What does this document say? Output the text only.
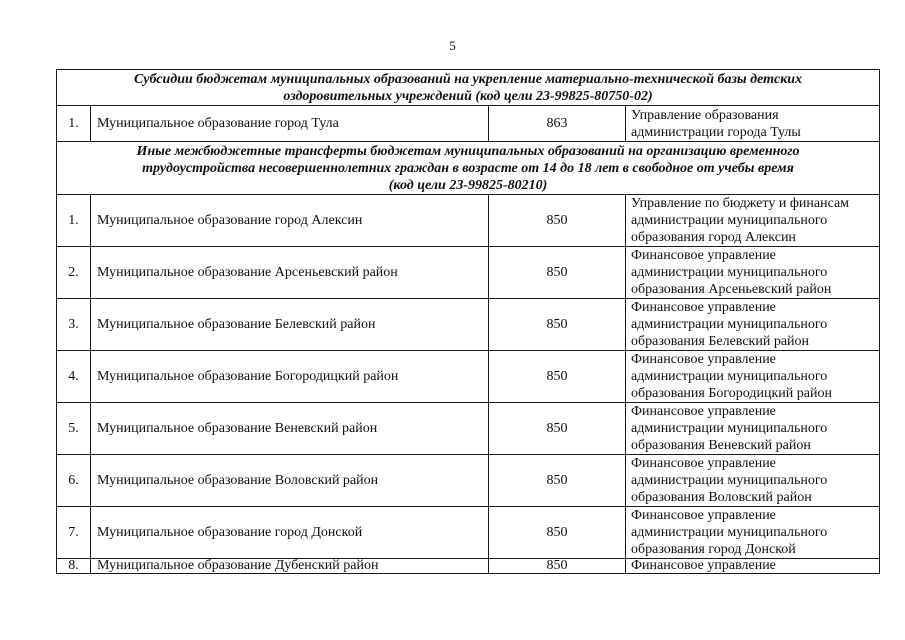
5
Субсидии бюджетам муниципальных образований на укрепление материально-технической базы детских
оздоровительных учреждений (код цели 23-99825-80750-02)			

1.	Муниципальное образование город Тула	863	Управление образования
администрации города Тулы

Иные межбюджетные трансферты бюджетам муниципальных образований на организацию временного
трудоустройства несовершеннолетних граждан в возрасте от 14 до 18 лет в свободное от учебы время
(код цели 23-99825-80210)			

1.	Муниципальное образование город Алексин	850	Управление по бюджету и финансам
администрации муниципального
образования город Алексин

2.	Муниципальное образование Арсеньевский район	850	Финансовое управление
администрации муниципального
образования Арсеньевский район

3.	Муниципальное образование Белевский район	850	Финансовое управление
администрации муниципального
образования Белевский район

4.	Муниципальное образование Богородицкий район	850	Финансовое управление
администрации муниципального
образования Богородицкий район

5.	Муниципальное образование Веневский район	850	Финансовое управление
администрации муниципального
образования Веневский район

6.	Муниципальное образование Воловский район	850	Финансовое управление
администрации муниципального
образования Воловский район

7.	Муниципальное образование город Донской	850	Финансовое управление
администрации муниципального
образования город Донской

8.	Муниципальное образование Дубенский район	850	Финансовое управление
